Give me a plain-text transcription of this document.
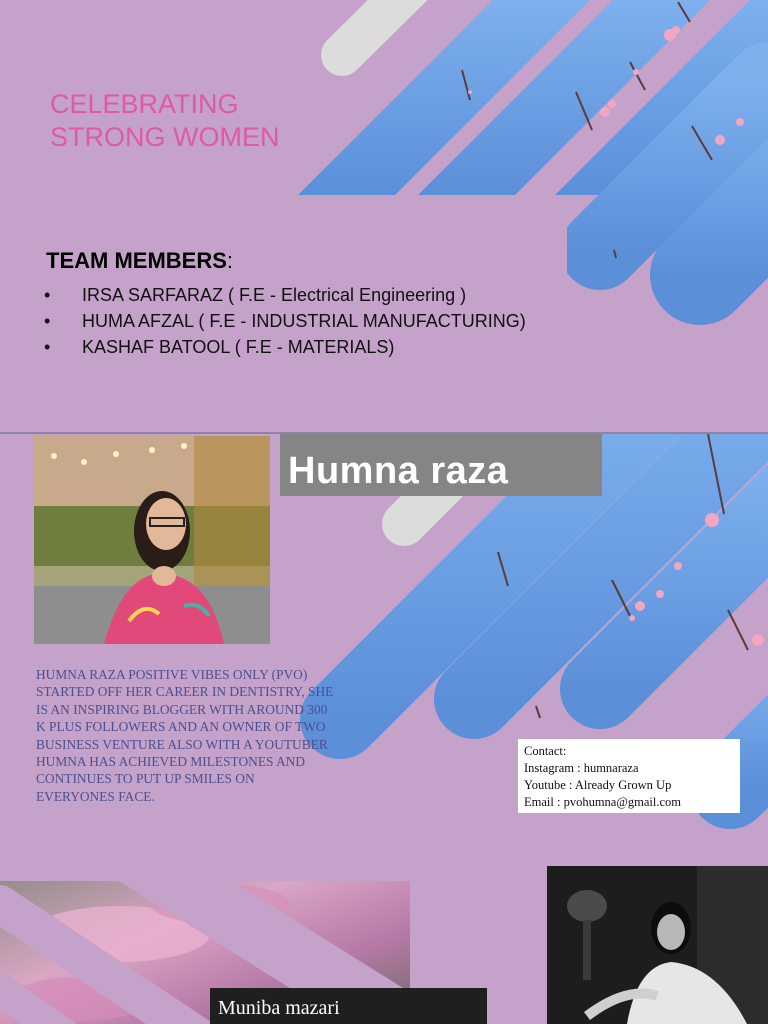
CELEBRATING
STRONG WOMEN
TEAM MEMBERS:
• IRSA SARFARAZ ( F.E - Electrical Engineering )
• HUMA AFZAL ( F.E - INDUSTRIAL MANUFACTURING)
• KASHAF BATOOL ( F.E - MATERIALS)
Humna raza

HUMNA RAZA POSITIVE VIBES ONLY (PVO)

STARTED OFF HER CAREER IN DENTISTRY, SHE IS AN INSPIRING BLOGGER WITH AROUND 300 K PLUS FOLLOWERS AND AN OWNER OF TWO BUSINESS VENTURE ALSO WITH A YOUTUBER HUMNA HAS ACHIEVED MILESTONES AND CONTINUES TO PUT UP SMILES ON EVERYONES FACE.

Contact:
Instagram : humnaraza
Youtube : Already Grown Up
Email : pvohumna@gmail.com
Muniba mazari
